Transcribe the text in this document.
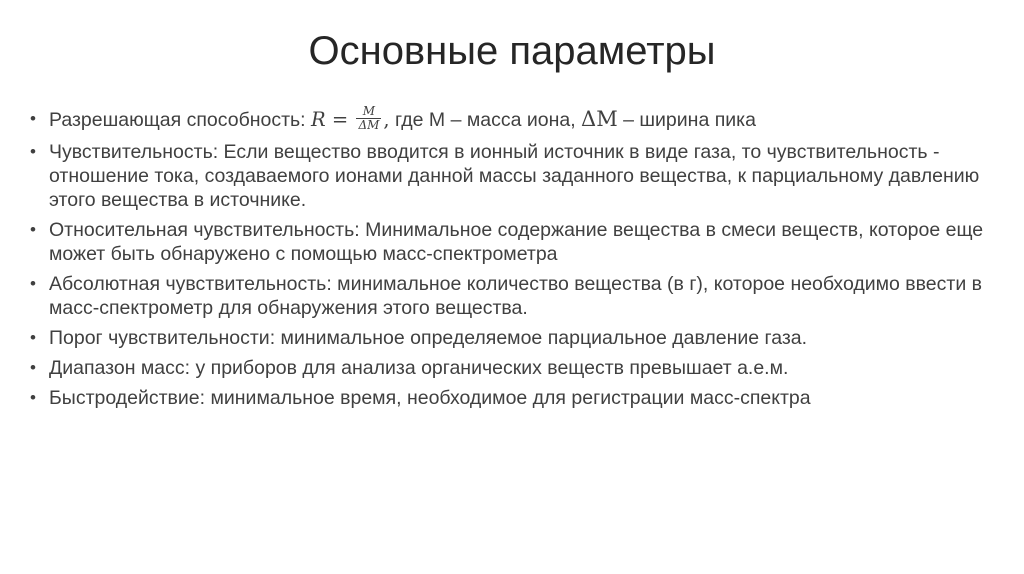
Основные параметры
• Разрешающая способность: $R = \frac{M}{\Delta M}$ , где М – масса иона, ΔM – ширина пика
• Чувствительность: Если вещество вводится в ионный источник в виде газа, то чувствительность - отношение тока, создаваемого ионами данной массы заданного вещества, к парциальному давлению этого вещества в источнике.
• Относительная чувствительность: Минимальное содержание вещества в смеси веществ, которое еще может быть обнаружено с помощью масс-спектрометра
• Абсолютная чувствительность: минимальное количество вещества (в г), которое необходимо ввести в масс-спектрометр для обнаружения этого вещества.
• Порог чувствительности: минимальное определяемое парциальное давление газа.
• Диапазон масс: у приборов для анализа органических веществ превышает а.е.м.
• Быстродействие: минимальное время, необходимое для регистрации масс-спектра
